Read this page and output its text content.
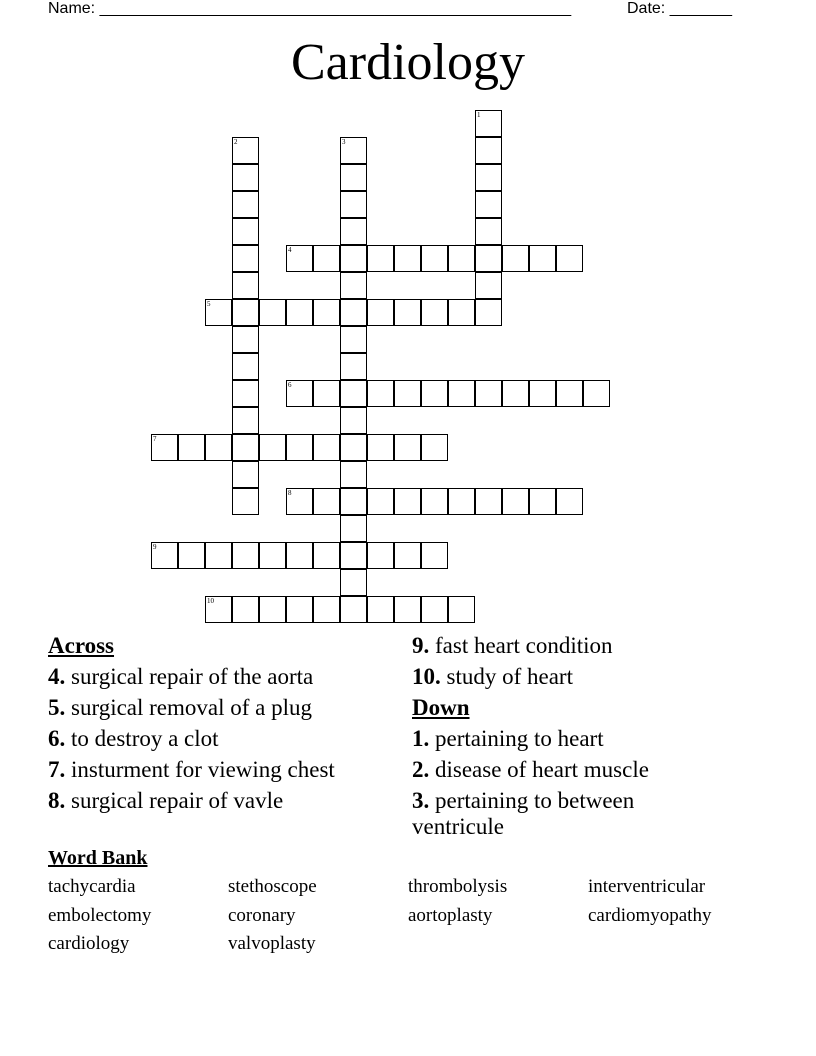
Name: _____________________________________________________	Date: _______
Cardiology
1
2	3
4
5
6
7
8
9
10
Across
4. surgical repair of the aorta
5. surgical removal of a plug
6. to destroy a clot
7. insturment for viewing chest
8. surgical repair of vavle
9. fast heart condition
10. study of heart
Down
1. pertaining to heart
2. disease of heart muscle
3. pertaining to between ventricule
Word Bank
tachycardia	stethoscope	thrombolysis	interventricular
embolectomy	coronary	aortoplasty	cardiomyopathy
cardiology	valvoplasty
